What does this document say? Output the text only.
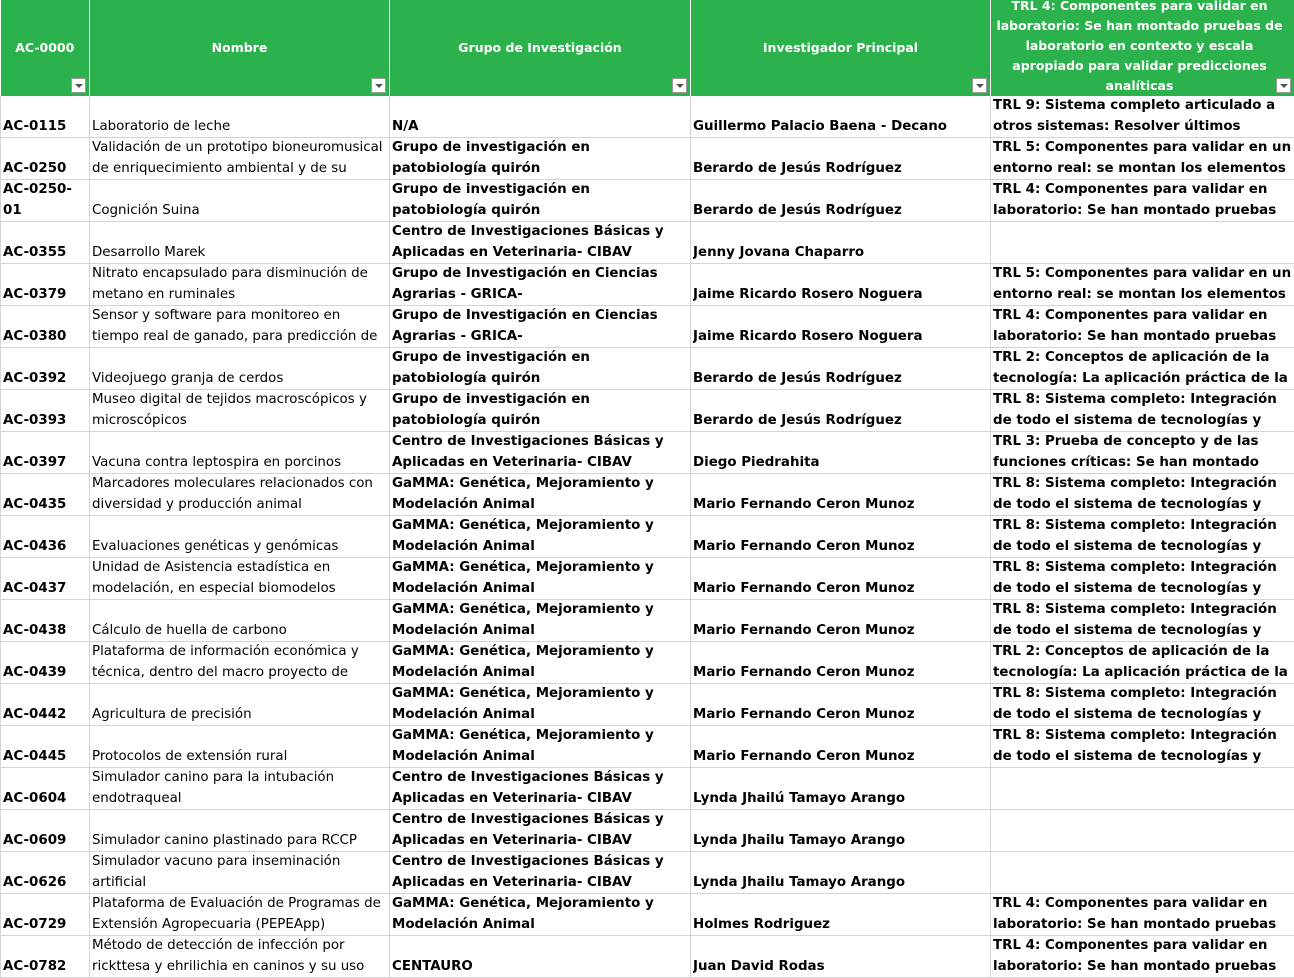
AC-0000	Nombre	Grupo de Investigación	Investigador Principal	TRL 4: Componentes para validar en laboratorio: Se han montado pruebas de laboratorio en contexto y escala apropiado para validar predicciones analíticas

AC-0115	Laboratorio de leche	N/A	Guillermo Palacio Baena - Decano	TRL 9: Sistema completo articulado a otros sistemas: Resolver últimos

AC-0250	Validación de un prototipo bioneuromusical de enriquecimiento ambiental y de su	Grupo de investigación en patobiología quirón	Berardo de Jesús Rodríguez	TRL 5: Componentes para validar en un entorno real: se montan los elementos

AC-0250-01	Cognición Suina	Grupo de investigación en patobiología quirón	Berardo de Jesús Rodríguez	TRL 4: Componentes para validar en laboratorio: Se han montado pruebas

AC-0355	Desarrollo Marek	Centro de Investigaciones Básicas y Aplicadas en Veterinaria- CIBAV	Jenny Jovana Chaparro	

AC-0379	Nitrato encapsulado para disminución de metano en ruminales	Grupo de Investigación en Ciencias Agrarias - GRICA-	Jaime Ricardo Rosero Noguera	TRL 5: Componentes para validar en un entorno real: se montan los elementos

AC-0380	Sensor y software para monitoreo en tiempo real de ganado, para predicción de	Grupo de Investigación en Ciencias Agrarias - GRICA-	Jaime Ricardo Rosero Noguera	TRL 4: Componentes para validar en laboratorio: Se han montado pruebas

AC-0392	Videojuego granja de cerdos	Grupo de investigación en patobiología quirón	Berardo de Jesús Rodríguez	TRL 2: Conceptos de aplicación de la tecnología: La aplicación práctica de la

AC-0393	Museo digital de tejidos macroscópicos y microscópicos	Grupo de investigación en patobiología quirón	Berardo de Jesús Rodríguez	TRL 8: Sistema completo: Integración de todo el sistema de tecnologías y

AC-0397	Vacuna contra leptospira en porcinos	Centro de Investigaciones Básicas y Aplicadas en Veterinaria- CIBAV	Diego Piedrahita	TRL 3: Prueba de concepto y de las funciones críticas: Se han montado

AC-0435	Marcadores moleculares relacionados con diversidad y producción animal	GaMMA: Genética, Mejoramiento y Modelación Animal	Mario Fernando Ceron Munoz	TRL 8: Sistema completo: Integración de todo el sistema de tecnologías y

AC-0436	Evaluaciones genéticas y genómicas	GaMMA: Genética, Mejoramiento y Modelación Animal	Mario Fernando Ceron Munoz	TRL 8: Sistema completo: Integración de todo el sistema de tecnologías y

AC-0437	Unidad de Asistencia estadística en modelación, en especial biomodelos	GaMMA: Genética, Mejoramiento y Modelación Animal	Mario Fernando Ceron Munoz	TRL 8: Sistema completo: Integración de todo el sistema de tecnologías y

AC-0438	Cálculo de huella de carbono	GaMMA: Genética, Mejoramiento y Modelación Animal	Mario Fernando Ceron Munoz	TRL 8: Sistema completo: Integración de todo el sistema de tecnologías y

AC-0439	Plataforma de información económica y técnica, dentro del macro proyecto de	GaMMA: Genética, Mejoramiento y Modelación Animal	Mario Fernando Ceron Munoz	TRL 2: Conceptos de aplicación de la tecnología: La aplicación práctica de la

AC-0442	Agricultura de precisión	GaMMA: Genética, Mejoramiento y Modelación Animal	Mario Fernando Ceron Munoz	TRL 8: Sistema completo: Integración de todo el sistema de tecnologías y

AC-0445	Protocolos de extensión rural	GaMMA: Genética, Mejoramiento y Modelación Animal	Mario Fernando Ceron Munoz	TRL 8: Sistema completo: Integración de todo el sistema de tecnologías y

AC-0604	Simulador canino para la intubación endotraqueal	Centro de Investigaciones Básicas y Aplicadas en Veterinaria- CIBAV	Lynda Jhailú Tamayo Arango	

AC-0609	Simulador canino plastinado para RCCP	Centro de Investigaciones Básicas y Aplicadas en Veterinaria- CIBAV	Lynda Jhailu Tamayo Arango	

AC-0626	Simulador vacuno para inseminación artificial	Centro de Investigaciones Básicas y Aplicadas en Veterinaria- CIBAV	Lynda Jhailu Tamayo Arango	

AC-0729	Plataforma de Evaluación de Programas de Extensión Agropecuaria (PEPEApp)	GaMMA: Genética, Mejoramiento y Modelación Animal	Holmes Rodriguez	TRL 4: Componentes para validar en laboratorio: Se han montado pruebas

AC-0782	Método de detección de infección por rickttesa y ehrilichia en caninos y su uso	CENTAURO	Juan David Rodas	TRL 4: Componentes para validar en laboratorio: Se han montado pruebas
